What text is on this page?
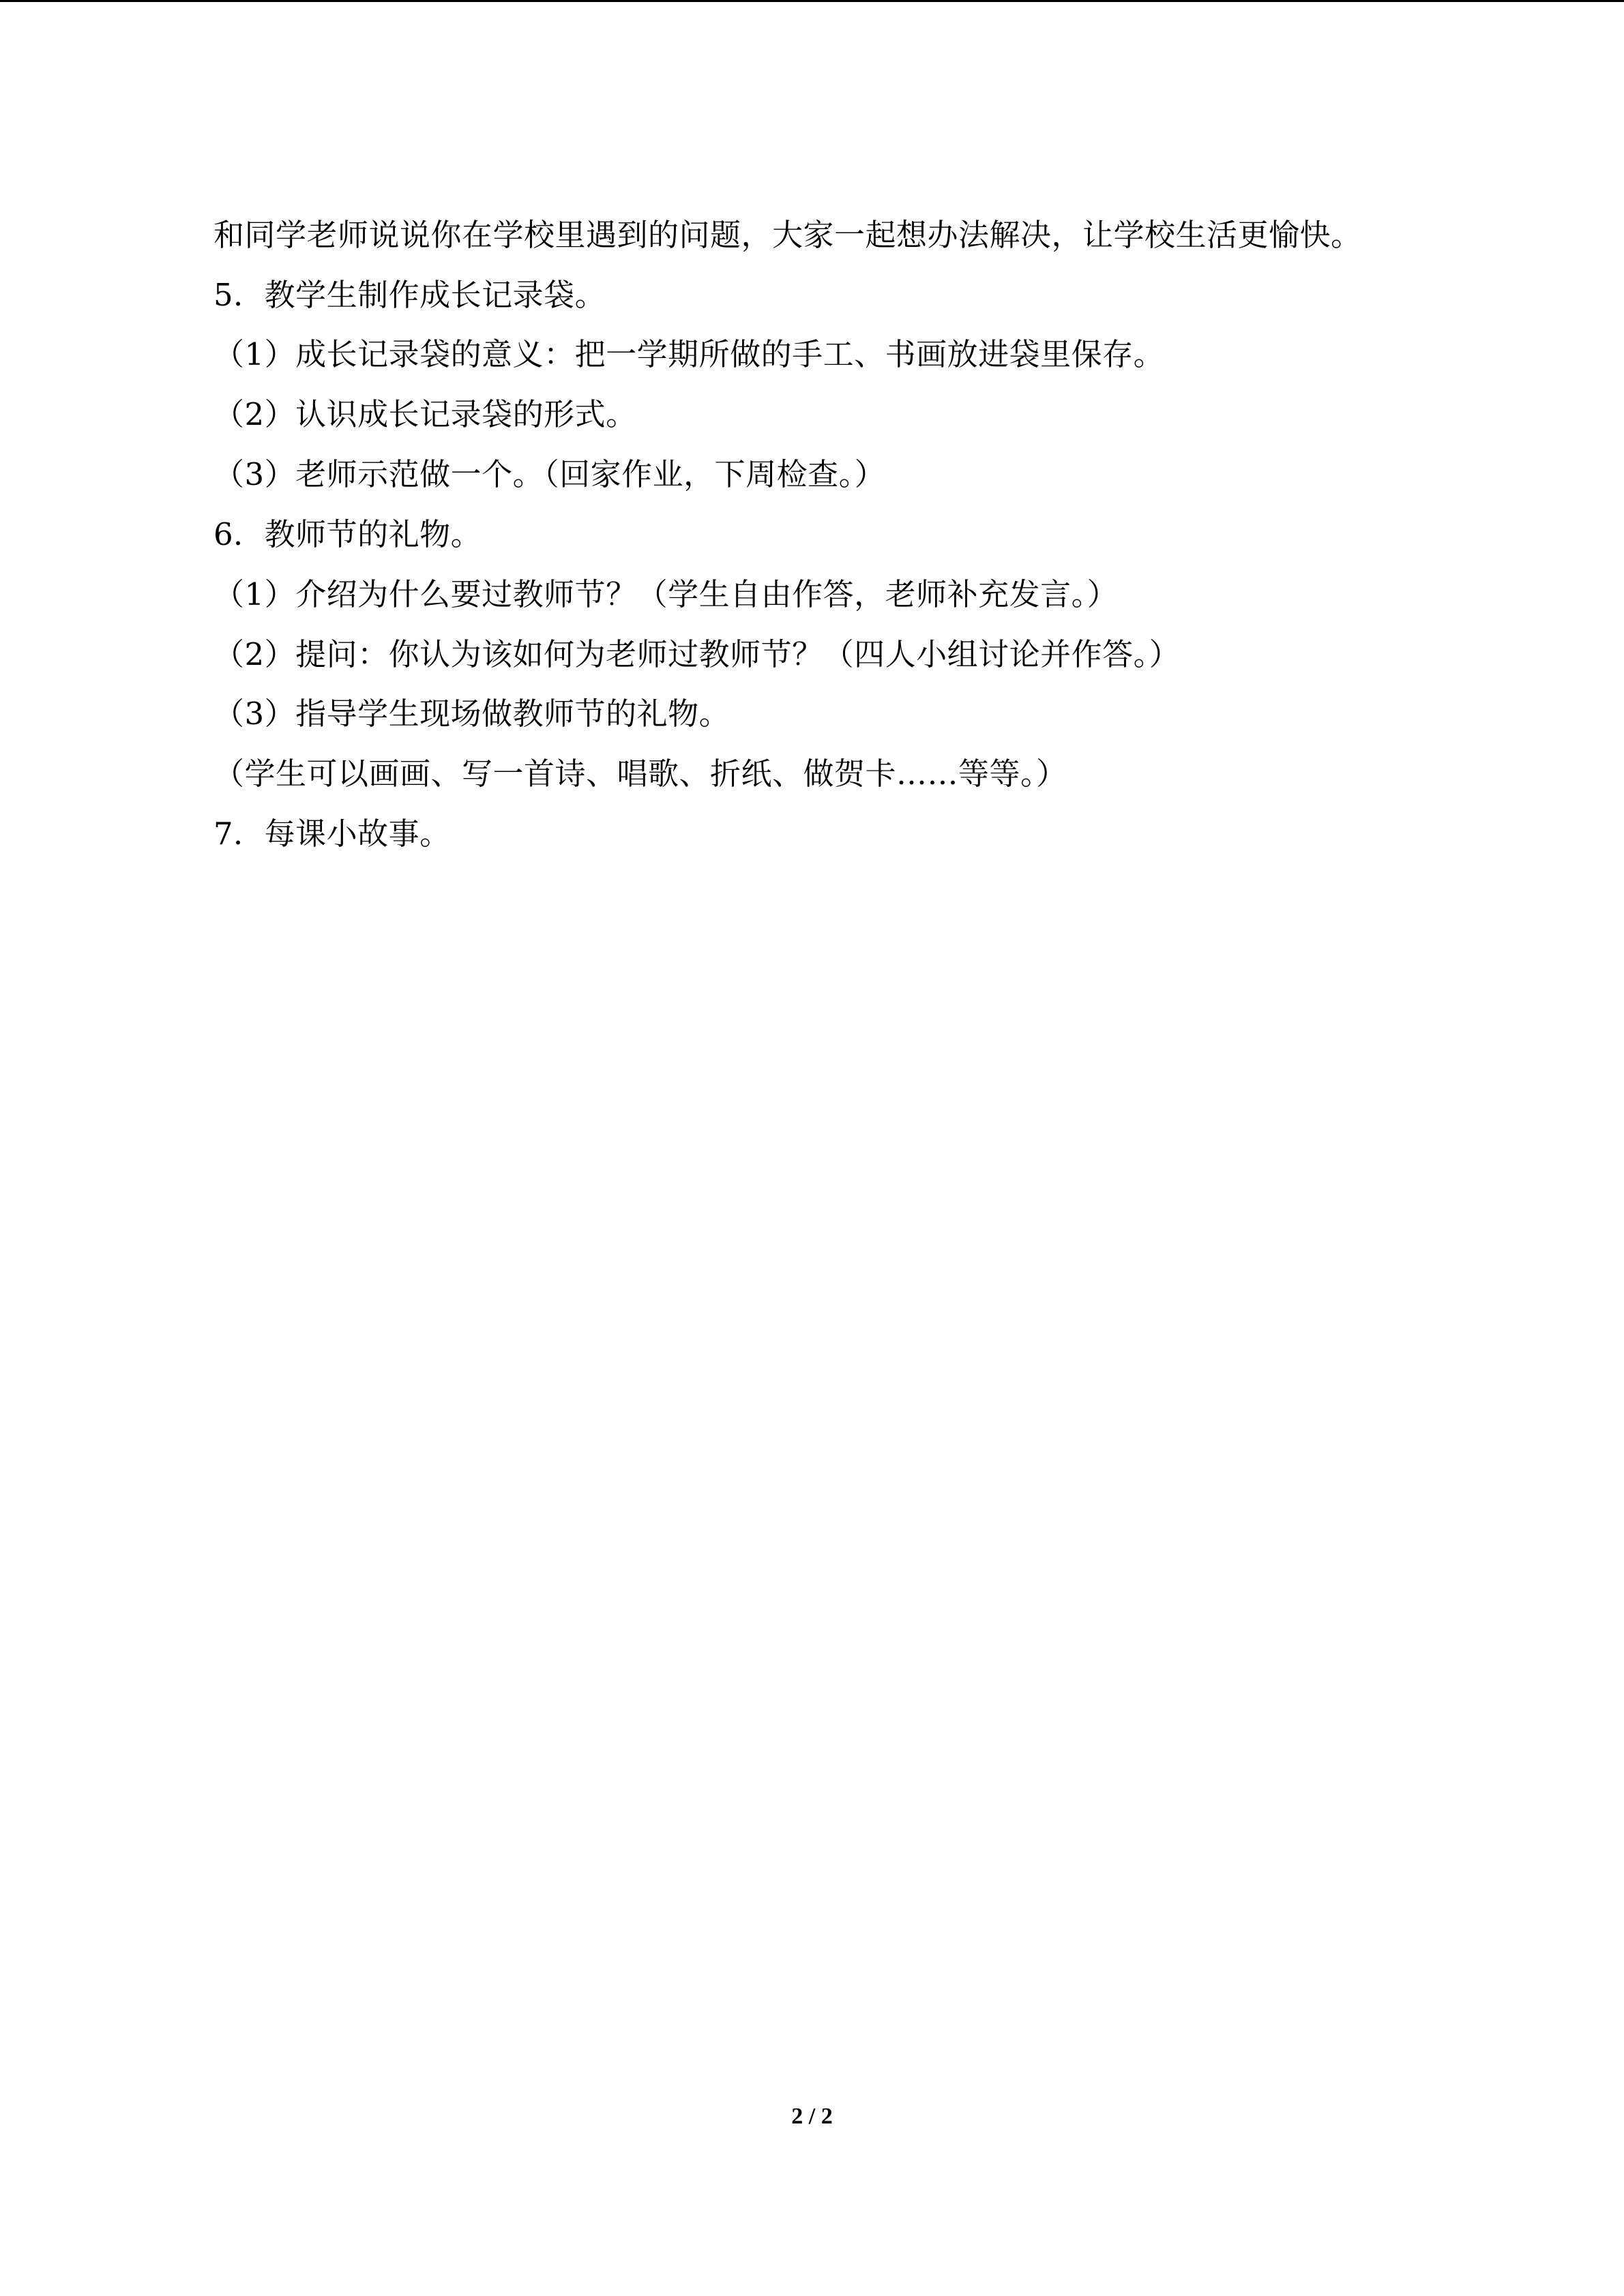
和同学老师说说你在学校里遇到的问题，大家一起想办法解决，让学校生活更愉快。
5．教学生制作成长记录袋。
（1）成长记录袋的意义：把一学期所做的手工、书画放进袋里保存。
（2）认识成长记录袋的形式。
（3）老师示范做一个。（回家作业，下周检查。）
6．教师节的礼物。
（1）介绍为什么要过教师节？（学生自由作答，老师补充发言。）
（2）提问：你认为该如何为老师过教师节？（四人小组讨论并作答。）
（3）指导学生现场做教师节的礼物。
（学生可以画画、写一首诗、唱歌、折纸、做贺卡……等等。）
7．每课小故事。
2 / 2
